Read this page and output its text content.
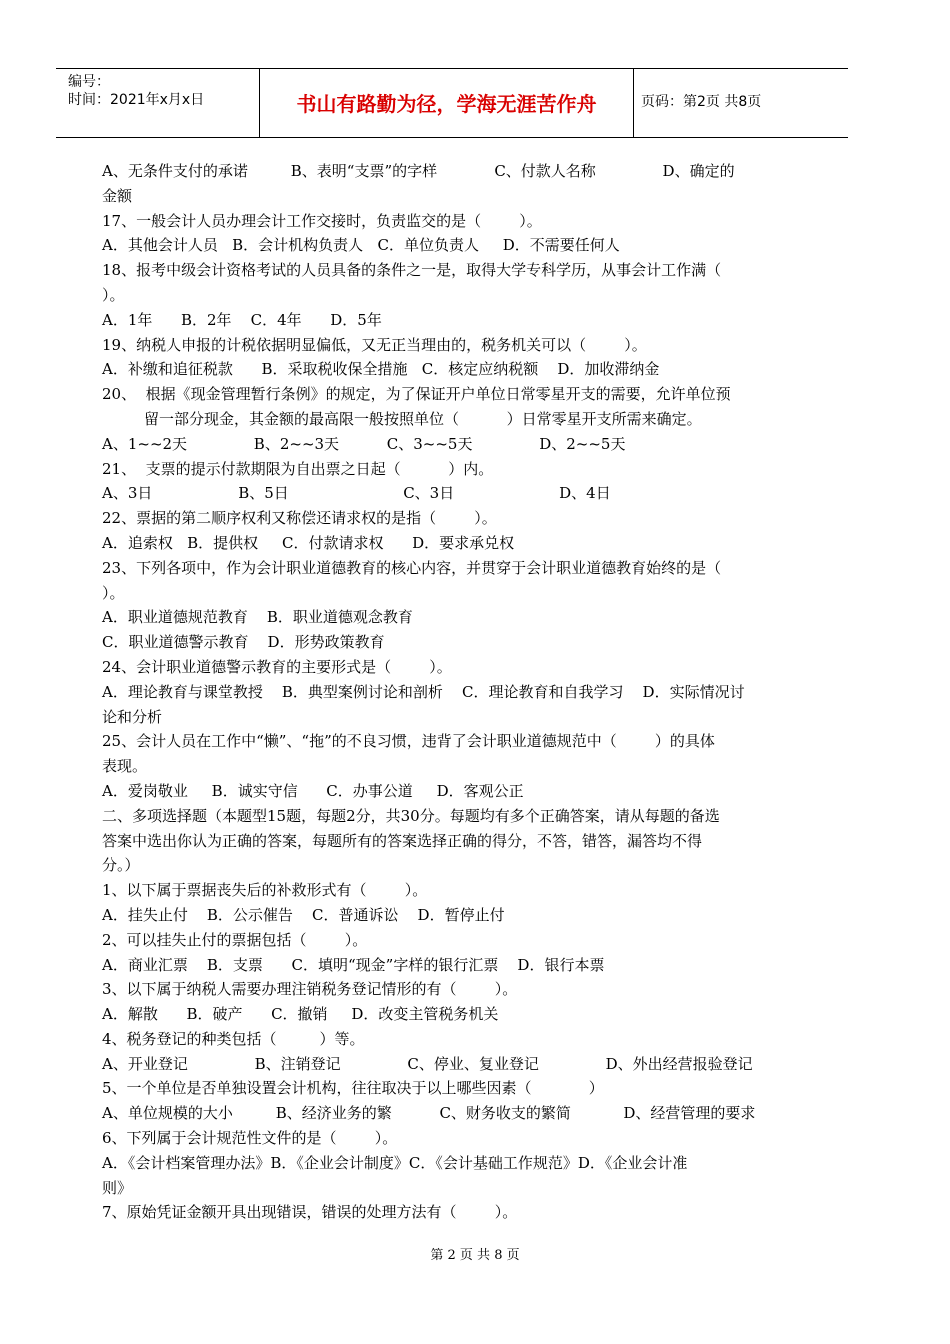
编号：
时间：2021年x月x日	书山有路勤为径，学海无涯苦作舟	页码：第2页 共8页
A、无条件支付的承诺         B、表明“支票”的字样            C、付款人名称              D、确定的
金额
17、一般会计人员办理会计工作交接时，负责监交的是（        ）。
A．其他会计人员   B．会计机构负责人   C．单位负责人     D．不需要任何人
18、报考中级会计资格考试的人员具备的条件之一是，取得大学专科学历，从事会计工作满（
）。
A．1年      B．2年    C．4年      D．5年
19、纳税人申报的计税依据明显偏低，又无正当理由的，税务机关可以（        ）。
A．补缴和追征税款      B．采取税收保全措施   C．核定应纳税额    D．加收滞纳金
20、  根据《现金管理暂行条例》的规定，为了保证开户单位日常零星开支的需要，允许单位预
留一部分现金，其金额的最高限一般按照单位（          ）日常零星开支所需来确定。
A、1~~2天              B、2~~3天          C、3~~5天              D、2~~5天
21、  支票的提示付款期限为自出票之日起（          ）内。
A、3日                  B、5日                        C、3日                      D、4日
22、票据的第二顺序权利又称偿还请求权的是指（        ）。
A．追索权   B．提供权     C．付款请求权      D．要求承兑权
23、下列各项中，作为会计职业道德教育的核心内容，并贯穿于会计职业道德教育始终的是（
）。
A．职业道德规范教育    B．职业道德观念教育
C．职业道德警示教育    D．形势政策教育
24、会计职业道德警示教育的主要形式是（        ）。
A．理论教育与课堂教授    B．典型案例讨论和剖析    C．理论教育和自我学习    D．实际情况讨
论和分析
25、会计人员在工作中“懒”、“拖”的不良习惯，违背了会计职业道德规范中（        ）的具体
表现。
A．爱岗敬业     B．诚实守信      C．办事公道     D．客观公正
二、多项选择题（本题型15题，每题2分，共30分。每题均有多个正确答案，请从每题的备选
答案中选出你认为正确的答案，每题所有的答案选择正确的得分，不答，错答，漏答均不得
分。）
1、以下属于票据丧失后的补救形式有（        ）。
A．挂失止付    B．公示催告    C．普通诉讼    D．暂停止付
2、可以挂失止付的票据包括（        ）。
A．商业汇票    B．支票      C．填明“现金”字样的银行汇票    D．银行本票
3、以下属于纳税人需要办理注销税务登记情形的有（        ）。
A．解散      B．破产      C．撤销     D．改变主管税务机关
4、税务登记的种类包括（         ）等。
A、开业登记              B、注销登记              C、停业、复业登记              D、外出经营报验登记
5、一个单位是否单独设置会计机构，往往取决于以上哪些因素（            ）
A、单位规模的大小         B、经济业务的繁          C、财务收支的繁简           D、经营管理的要求
6、下列属于会计规范性文件的是（        ）。
A．《会计档案管理办法》B．《企业会计制度》C．《会计基础工作规范》D．《企业会计准
则》
7、原始凭证金额开具出现错误，错误的处理方法有（        ）。
第 2 页 共 8 页
